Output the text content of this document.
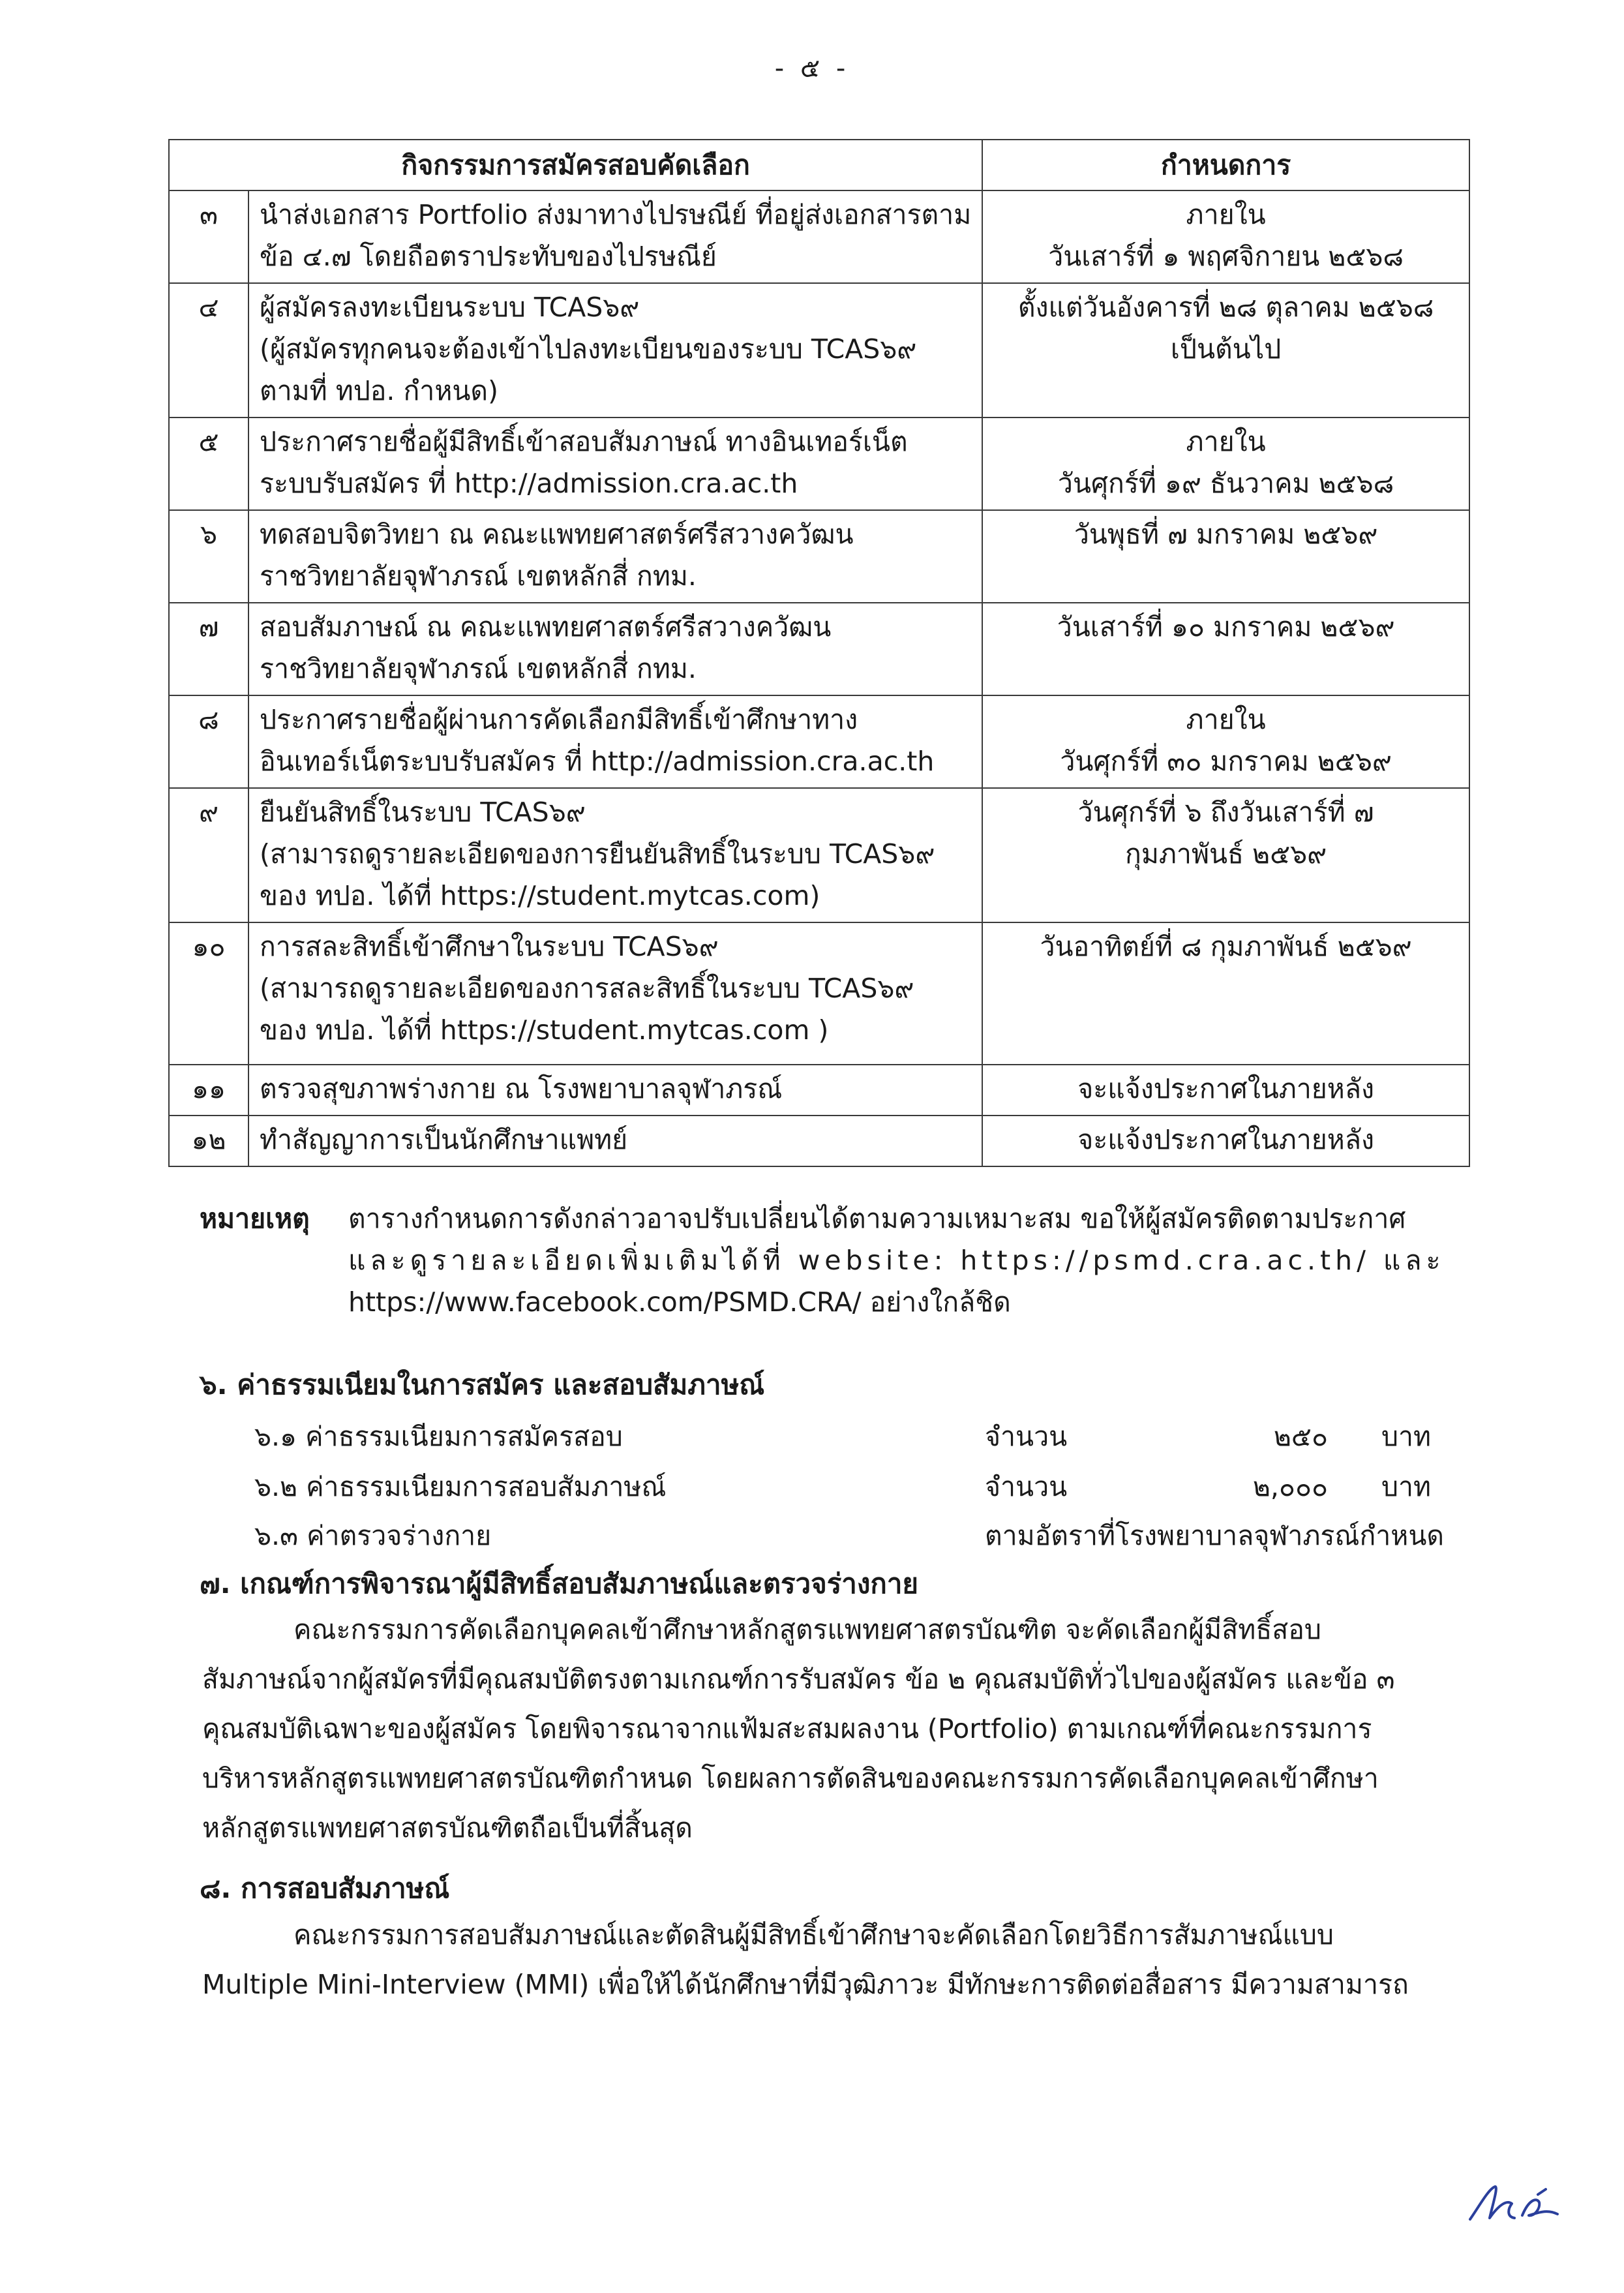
- ๕ -
กิจกรรมการสมัครสอบคัดเลือก		กำหนดการ
๓	นำส่งเอกสาร Portfolio ส่งมาทางไปรษณีย์ ที่อยู่ส่งเอกสารตาม
ข้อ ๔.๗ โดยถือตราประทับของไปรษณีย์	ภายใน
วันเสาร์ที่ ๑ พฤศจิกายน ๒๕๖๘

๔	ผู้สมัครลงทะเบียนระบบ TCAS๖๙
(ผู้สมัครทุกคนจะต้องเข้าไปลงทะเบียนของระบบ TCAS๖๙
ตามที่ ทปอ. กำหนด)	ตั้งแต่วันอังคารที่ ๒๘ ตุลาคม ๒๕๖๘
เป็นต้นไป

๕	ประกาศรายชื่อผู้มีสิทธิ์เข้าสอบสัมภาษณ์ ทางอินเทอร์เน็ต
ระบบรับสมัคร ที่ http://admission.cra.ac.th	ภายใน
วันศุกร์ที่ ๑๙ ธันวาคม ๒๕๖๘

๖	ทดสอบจิตวิทยา ณ คณะแพทยศาสตร์ศรีสวางควัฒน
ราชวิทยาลัยจุฬาภรณ์ เขตหลักสี่ กทม.	วันพุธที่ ๗ มกราคม ๒๕๖๙

๗	สอบสัมภาษณ์ ณ คณะแพทยศาสตร์ศรีสวางควัฒน
ราชวิทยาลัยจุฬาภรณ์ เขตหลักสี่ กทม.	วันเสาร์ที่ ๑๐ มกราคม ๒๕๖๙

๘	ประกาศรายชื่อผู้ผ่านการคัดเลือกมีสิทธิ์เข้าศึกษาทาง
อินเทอร์เน็ตระบบรับสมัคร ที่ http://admission.cra.ac.th	ภายใน
วันศุกร์ที่ ๓๐ มกราคม ๒๕๖๙

๙	ยืนยันสิทธิ์ในระบบ TCAS๖๙
(สามารถดูรายละเอียดของการยืนยันสิทธิ์ในระบบ TCAS๖๙
ของ ทปอ. ได้ที่ https://student.mytcas.com)	วันศุกร์ที่ ๖ ถึงวันเสาร์ที่ ๗
กุมภาพันธ์ ๒๕๖๙

๑๐	การสละสิทธิ์เข้าศึกษาในระบบ TCAS๖๙
(สามารถดูรายละเอียดของการสละสิทธิ์ในระบบ TCAS๖๙
ของ ทปอ. ได้ที่ https://student.mytcas.com )	วันอาทิตย์ที่ ๘ กุมภาพันธ์ ๒๕๖๙

๑๑	ตรวจสุขภาพร่างกาย ณ โรงพยาบาลจุฬาภรณ์	จะแจ้งประกาศในภายหลัง

๑๒	ทำสัญญาการเป็นนักศึกษาแพทย์	จะแจ้งประกาศในภายหลัง
หมายเหตุ ตารางกำหนดการดังกล่าวอาจปรับเปลี่ยนได้ตามความเหมาะสม ขอให้ผู้สมัครติดตามประกาศ
และดูรายละเอียดเพิ่มเติมได้ที่ website: https://psmd.cra.ac.th/ และ
https://www.facebook.com/PSMD.CRA/ อย่างใกล้ชิด
๖. ค่าธรรมเนียมในการสมัคร และสอบสัมภาษณ์
๖.๑ ค่าธรรมเนียมการสมัครสอบ	จำนวน	๒๕๐ บาท
๖.๒ ค่าธรรมเนียมการสอบสัมภาษณ์	จำนวน	๒,๐๐๐ บาท
๖.๓ ค่าตรวจร่างกาย	ตามอัตราที่โรงพยาบาลจุฬาภรณ์กำหนด
๗. เกณฑ์การพิจารณาผู้มีสิทธิ์สอบสัมภาษณ์และตรวจร่างกาย
คณะกรรมการคัดเลือกบุคคลเข้าศึกษาหลักสูตรแพทยศาสตรบัณฑิต จะคัดเลือกผู้มีสิทธิ์สอบ
สัมภาษณ์จากผู้สมัครที่มีคุณสมบัติตรงตามเกณฑ์การรับสมัคร ข้อ ๒ คุณสมบัติทั่วไปของผู้สมัคร และข้อ ๓
คุณสมบัติเฉพาะของผู้สมัคร โดยพิจารณาจากแฟ้มสะสมผลงาน (Portfolio) ตามเกณฑ์ที่คณะกรรมการ
บริหารหลักสูตรแพทยศาสตรบัณฑิตกำหนด โดยผลการตัดสินของคณะกรรมการคัดเลือกบุคคลเข้าศึกษา
หลักสูตรแพทยศาสตรบัณฑิตถือเป็นที่สิ้นสุด
๘. การสอบสัมภาษณ์
คณะกรรมการสอบสัมภาษณ์และตัดสินผู้มีสิทธิ์เข้าศึกษาจะคัดเลือกโดยวิธีการสัมภาษณ์แบบ
Multiple Mini-Interview (MMI) เพื่อให้ได้นักศึกษาที่มีวุฒิภาวะ มีทักษะการติดต่อสื่อสาร มีความสามารถ
